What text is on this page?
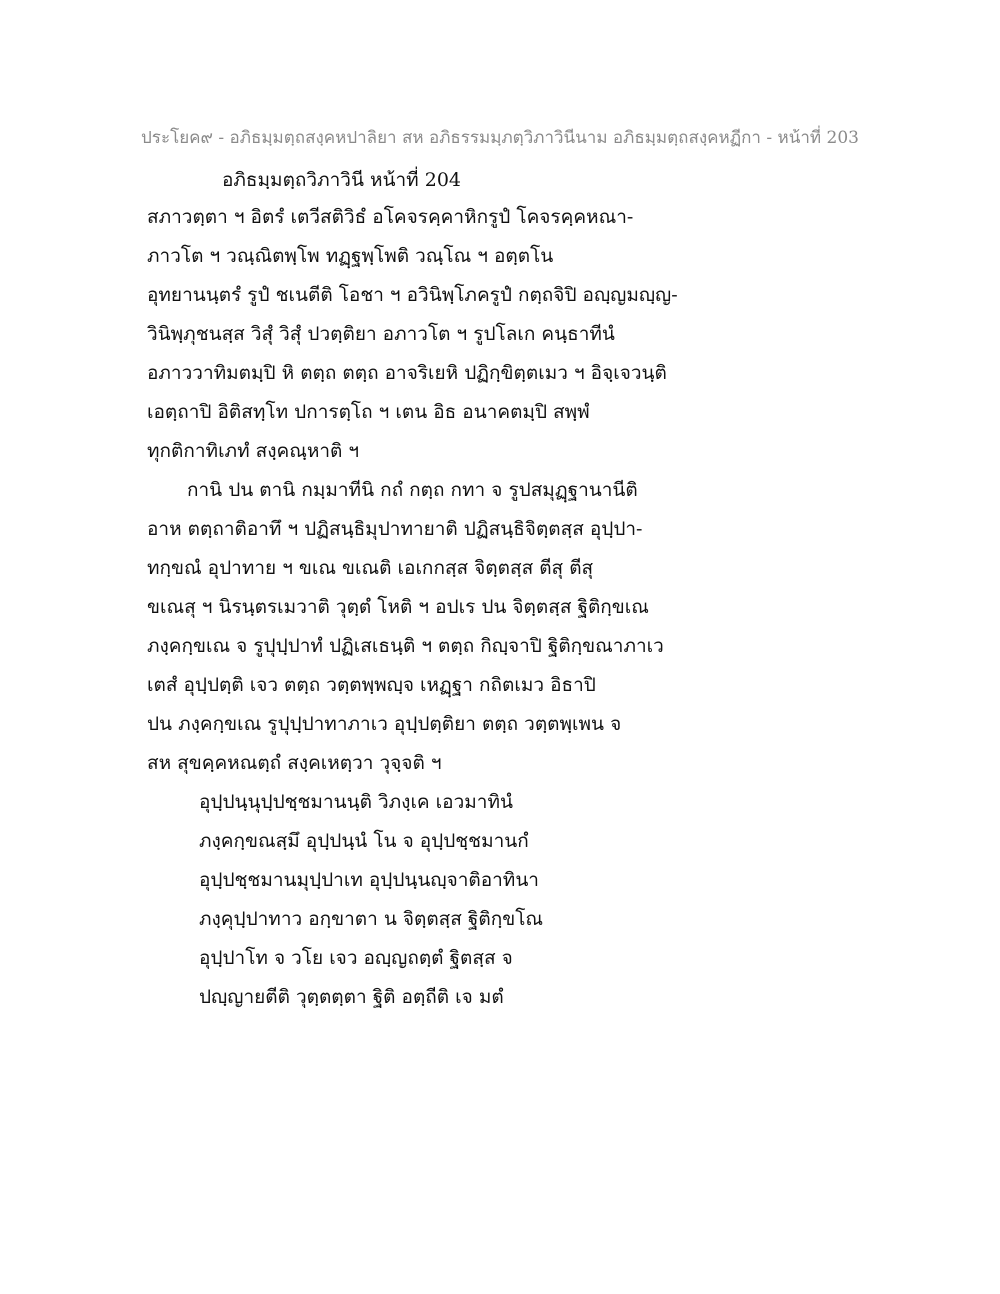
ประโยค๙ - อภิธมฺมตฺถสงฺคหปาลิยา สห อภิธรรมมฺภตฺวิภาวินีนาม อภิธมฺมตฺถสงฺคหฏีกา - หน้าที่ 203
อภิธมฺมตฺถวิภาวินี หน้าที่ 204
สภาวตฺตา ฯ อิตรํ เตวีสติวิธํ อโคจรคฺคาหิกรูปํ โคจรคฺคหณา-
ภาวโต ฯ วณฺณิตพฺโพ ทฏฺฐพฺโพติ วณฺโณ ฯ อตฺตโน
อุทยานนฺตรํ รูปํ ชเนตีติ โอชา ฯ อวินิพฺโภครูปํ กตฺถจิปิ อญฺญมญฺญ-
วินิพฺภุชนสฺส วิสุํ วิสุํ ปวตฺติยา อภาวโต ฯ รูปโลเก คนฺธาทีนํ
อภาววาทิมตมฺปิ หิ ตตฺถ ตตฺถ อาจริเยหิ ปฏิกฺขิตฺตเมว ฯ อิจฺเจวนฺติ
เอตฺถาปิ อิติสทฺโท ปการตฺโถ ฯ เตน อิธ อนาคตมฺปิ สพฺพํ
ทุกติกาทิเภทํ สงฺคณฺหาติ ฯ
กานิ ปน ตานิ กมฺมาทีนิ กถํ กตฺถ กทา จ รูปสมุฏฺฐานานีติ
อาห ตตฺถาติอาทึ ฯ ปฏิสนฺธิมุปาทายาติ ปฏิสนฺธิจิตฺตสฺส อุปฺปา-
ทกฺขณํ อุปาทาย ฯ ขเณ ขเณติ เอเกกสฺส จิตฺตสฺส ตีสุ ตีสุ
ขเณสุ ฯ นิรนฺตรเมวาติ วุตฺตํ โหติ ฯ อปเร ปน จิตฺตสฺส ฐิติกฺขเณ
ภงฺคกฺขเณ จ รูปุปฺปาทํ ปฏิเสเธนฺติ ฯ ตตฺถ กิญฺจาปิ ฐิติกฺขณาภาเว
เตสํ อุปฺปตฺติ เจว ตตฺถ วตฺตพฺพญฺจ เหฏฺฐา กถิตเมว อิธาปิ
ปน ภงฺคกฺขเณ รูปุปฺปาทาภาเว อุปฺปตฺติยา ตตฺถ วตฺตพฺเพน จ
สห สุขคฺคหณตฺถํ สงฺคเหตฺวา วุจฺจติ ฯ
อุปฺปนฺนุปฺปชฺชมานนฺติ วิภงฺเค เอวมาทินํ
ภงฺคกฺขณสฺมึ อุปฺปนฺนํ โน จ อุปฺปชฺชมานกํ
อุปฺปชฺชมานมุปฺปาเท อุปฺปนฺนญฺจาติอาทินา
ภงฺคุปฺปาทาว อกฺขาตา น จิตฺตสฺส ฐิติกฺขโณ
อุปฺปาโท จ วโย เจว อญฺญถตฺตํ ฐิตสฺส จ
ปญฺญายตีติ วุตฺตตฺตา ฐิติ อตฺถีติ เจ มตํ
